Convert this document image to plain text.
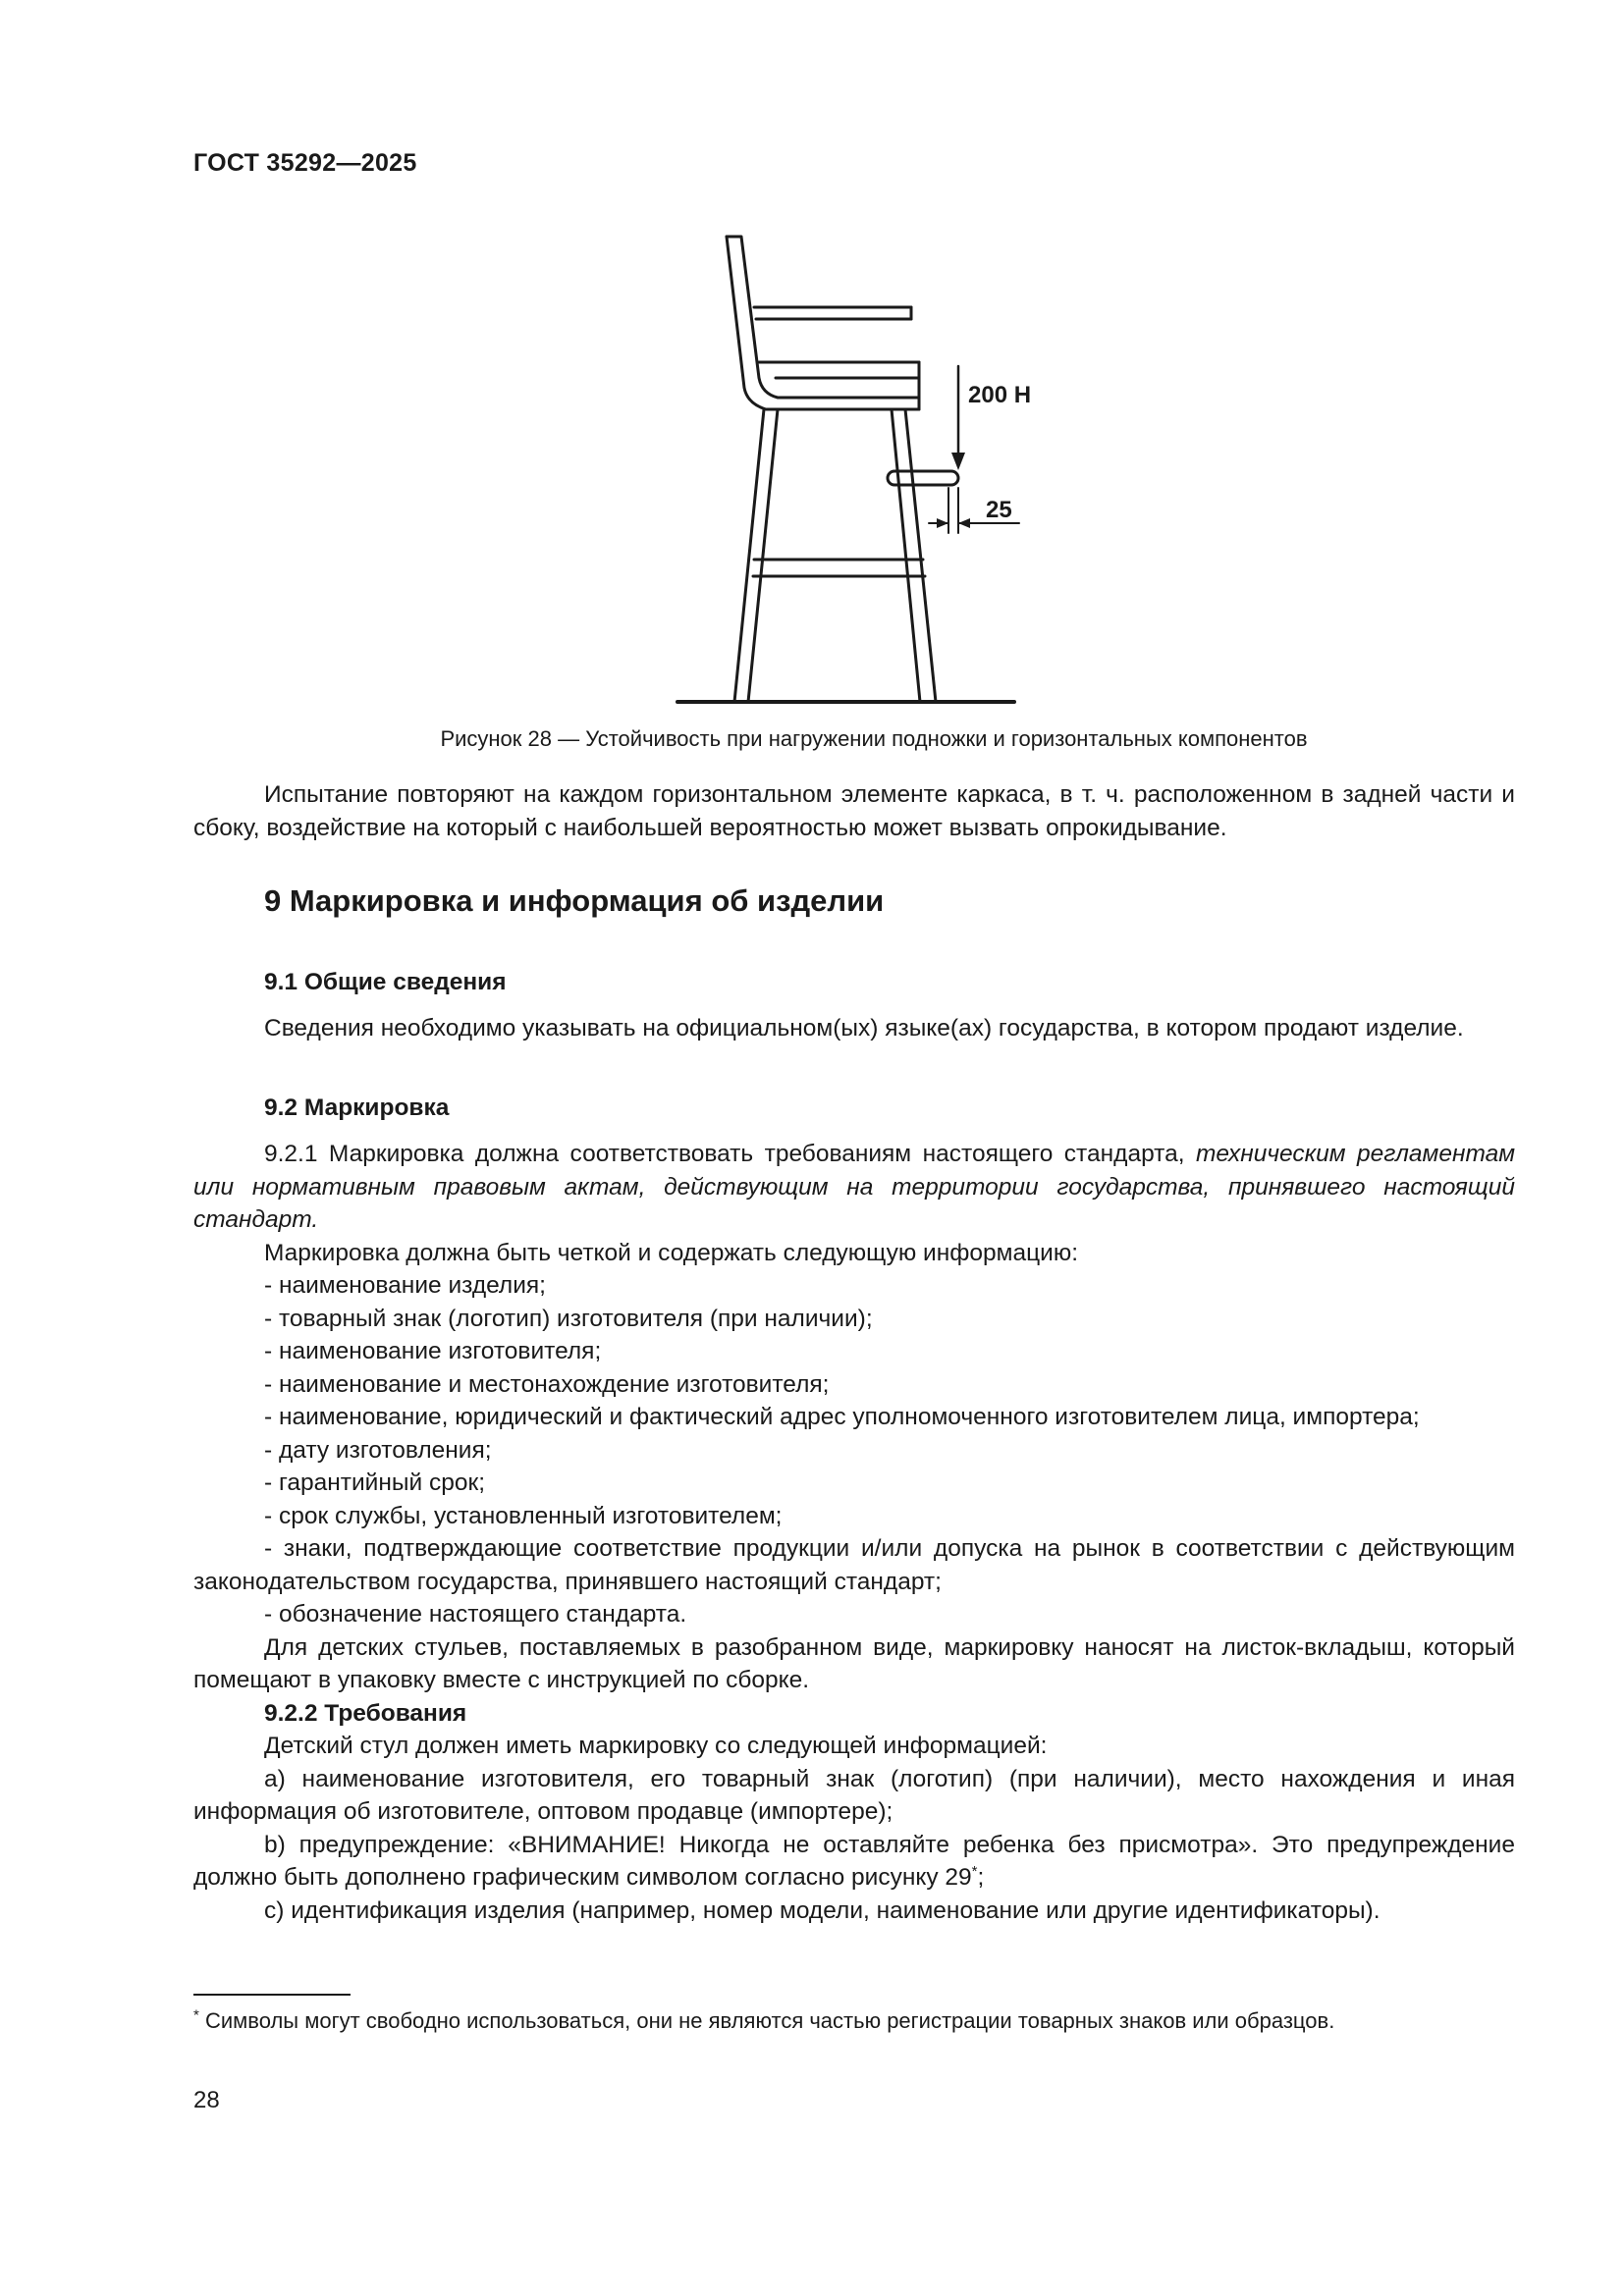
ГОСТ 35292—2025
200 Н
25
Рисунок 28 — Устойчивость при нагружении подножки и горизонтальных компонентов

Испытание повторяют на каждом горизонтальном элементе каркаса, в т. ч. расположенном в задней части и сбоку, воздействие на который с наибольшей вероятностью может вызвать опрокидывание.

9 Маркировка и информация об изделии
9.1 Общие сведения

Сведения необходимо указывать на официальном(ых) языке(ах) государства, в котором продают изделие.

9.2 Маркировка

9.2.1 Маркировка должна соответствовать требованиям настоящего стандарта, техническим регламентам или нормативным правовым актам, действующим на территории государства, принявшего настоящий стандарт.

Маркировка должна быть четкой и содержать следующую информацию:

- наименование изделия;

- товарный знак (логотип) изготовителя (при наличии);

- наименование изготовителя;

- наименование и местонахождение изготовителя;

- наименование, юридический и фактический адрес уполномоченного изготовителем лица, импортера;

- дату изготовления;

- гарантийный срок;

- срок службы, установленный изготовителем;

- знаки, подтверждающие соответствие продукции и/или допуска на рынок в соответствии с действующим законодательством государства, принявшего настоящий стандарт;

- обозначение настоящего стандарта.

Для детских стульев, поставляемых в разобранном виде, маркировку наносят на листок-вкладыш, который помещают в упаковку вместе с инструкцией по сборке.

9.2.2 Требования

Детский стул должен иметь маркировку со следующей информацией:

a) наименование изготовителя, его товарный знак (логотип) (при наличии), место нахождения и иная информация об изготовителе, оптовом продавце (импортере);

b) предупреждение: «ВНИМАНИЕ! Никогда не оставляйте ребенка без присмотра». Это предупреждение должно быть дополнено графическим символом согласно рисунку 29*;

c) идентификация изделия (например, номер модели, наименование или другие идентификаторы).

* Символы могут свободно использоваться, они не являются частью регистрации товарных знаков или образцов.
28
